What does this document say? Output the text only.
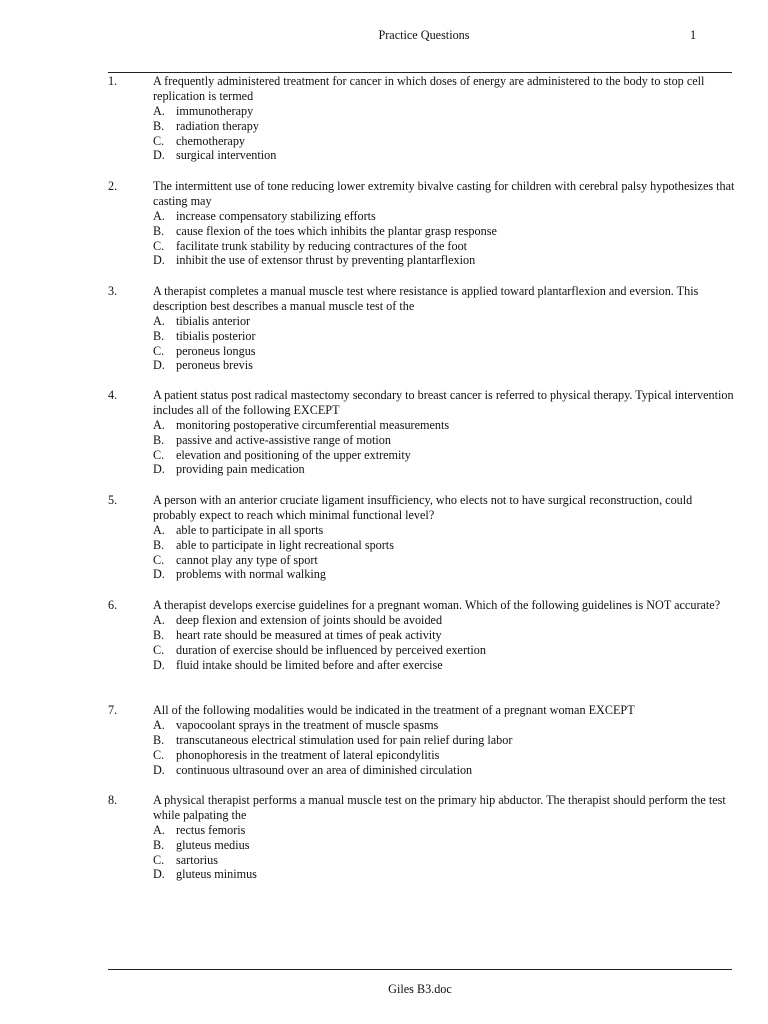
Practice Questions	1
1.	A frequently administered treatment for cancer in which doses of energy are administered to the body to stop cell replication is termed

A. immunotherapy
B. radiation therapy
C. chemotherapy
D. surgical intervention
2.	The intermittent use of tone reducing lower extremity bivalve casting for children with cerebral palsy hypothesizes that casting may

A. increase compensatory stabilizing efforts
B. cause flexion of the toes which inhibits the plantar grasp response
C. facilitate trunk stability by reducing contractures of the foot
D. inhibit the use of extensor thrust by preventing plantarflexion
3.	A therapist completes a manual muscle test where resistance is applied toward plantarflexion and eversion. This description best describes a manual muscle test of the

A. tibialis anterior
B. tibialis posterior
C. peroneus longus
D. peroneus brevis
4.	A patient status post radical mastectomy secondary to breast cancer is referred to physical therapy. Typical intervention includes all of the following EXCEPT

A. monitoring postoperative circumferential measurements
B. passive and active-assistive range of motion
C. elevation and positioning of the upper extremity
D. providing pain medication
5.	A person with an anterior cruciate ligament insufficiency, who elects not to have surgical reconstruction, could probably expect to reach which minimal functional level?

A. able to participate in all sports
B. able to participate in light recreational sports
C. cannot play any type of sport
D. problems with normal walking
6.	A therapist develops exercise guidelines for a pregnant woman. Which of the following guidelines is NOT accurate?

A. deep flexion and extension of joints should be avoided
B. heart rate should be measured at times of peak activity
C. duration of exercise should be influenced by perceived exertion
D. fluid intake should be limited before and after exercise
7.	All of the following modalities would be indicated in the treatment of a pregnant woman EXCEPT

A. vapocoolant sprays in the treatment of muscle spasms
B. transcutaneous electrical stimulation used for pain relief during labor
C. phonophoresis in the treatment of lateral epicondylitis
D. continuous ultrasound over an area of diminished circulation
8.	A physical therapist performs a manual muscle test on the primary hip abductor. The therapist should perform the test while palpating the

A. rectus femoris
B. gluteus medius
C. sartorius
D. gluteus minimus
Giles B3.doc
